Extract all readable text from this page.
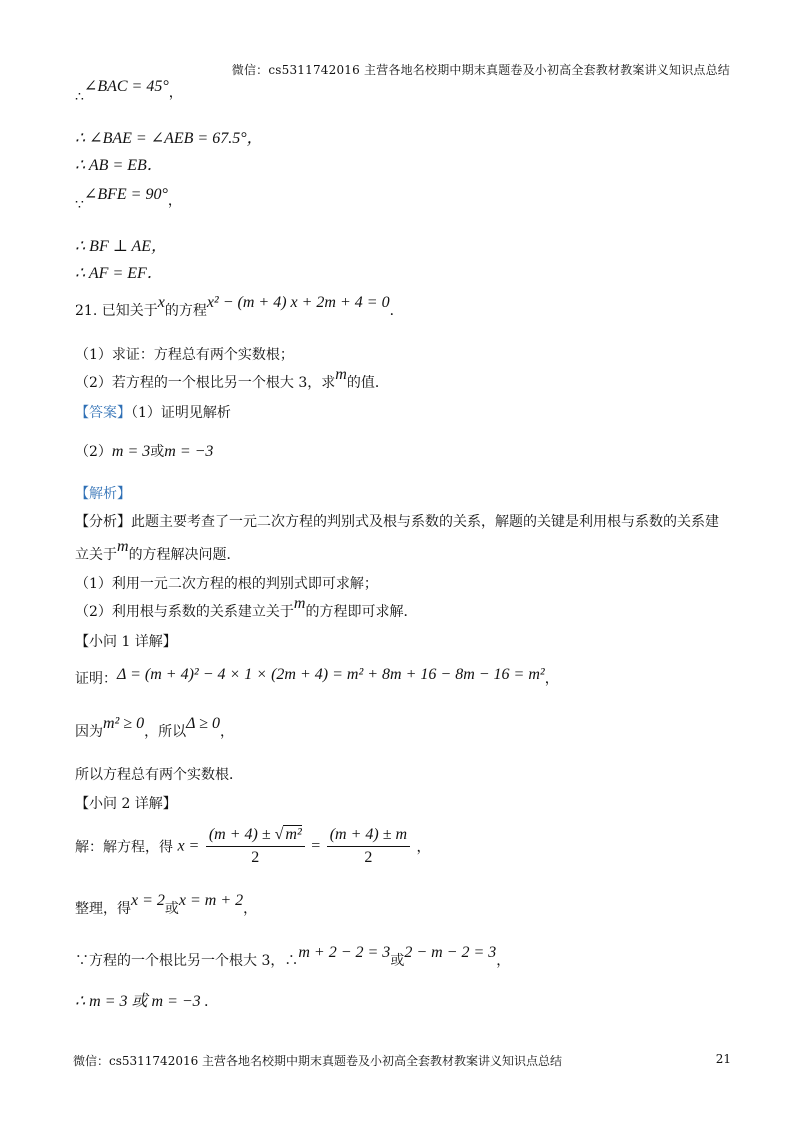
微信：cs5311742016 主营各地名校期中期末真题卷及小初高全套教材教案讲义知识点总结
∴∠BAC = 45°，
∴ ∠BAE = ∠AEB = 67.5°，
∴ AB = EB．
∵∠BFE = 90°，
∴ BF ⊥ AE，
∴ AF = EF．
21. 已知关于x的方程x² − (m + 4) x + 2m + 4 = 0．
（1）求证：方程总有两个实数根；
（2）若方程的一个根比另一个根大 3，求m的值．
【答案】（1）证明见解析
（2）m = 3或m = −3
【解析】
【分析】此题主要考查了一元二次方程的判别式及根与系数的关系，解题的关键是利用根与系数的关系建
立关于m的方程解决问题．
（1）利用一元二次方程的根的判别式即可求解；
（2）利用根与系数的关系建立关于m的方程即可求解．
【小问 1 详解】
证明：Δ = (m + 4)² − 4 × 1 × (2m + 4) = m² + 8m + 16 − 8m − 16 = m²，
因为m² ≥ 0，所以Δ ≥ 0，
所以方程总有两个实数根．
【小问 2 详解】
解：解方程，得 $x = \frac{\text{(m + 4) ± √ m²}}{2} = \frac{(m + 4) \pm m}{2}$ ，
整理，得x = 2或x = m + 2，
∵方程的一个根比另一个根大 3，∴m + 2 − 2 = 3或2 − m − 2 = 3，
∴ m = 3 或 m = −3 .
微信：cs5311742016 主营各地名校期中期末真题卷及小初高全套教材教案讲义知识点总结	21
